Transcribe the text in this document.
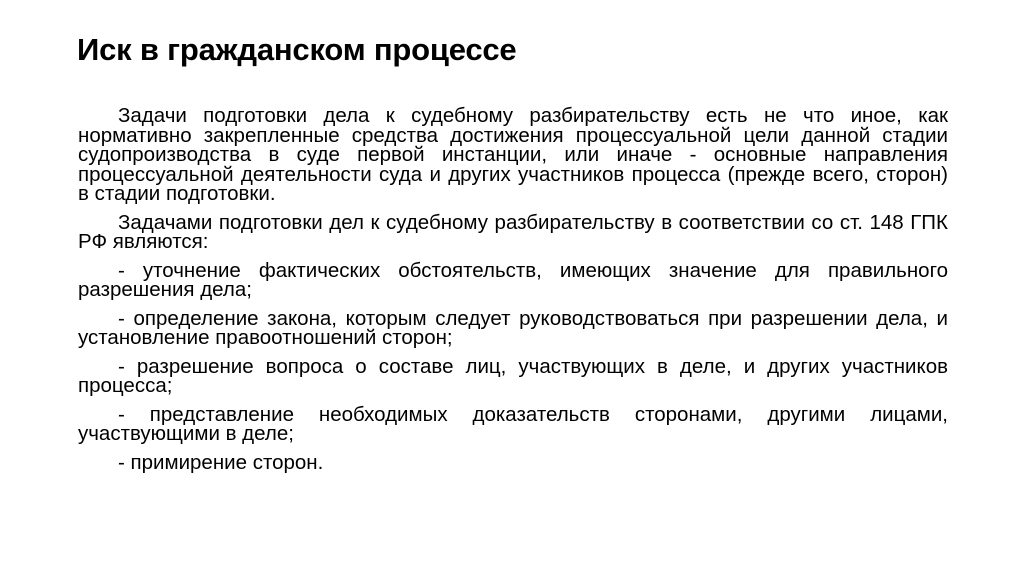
Иск в гражданском процессе

Задачи подготовки дела к судебному разбирательству есть не что иное, как нормативно закрепленные средства достижения процессуальной цели данной стадии судопроизводства в суде первой инстанции, или иначе - основные направления процессуальной деятельности суда и других участников процесса (прежде всего, сторон) в стадии подготовки.

Задачами подготовки дел к судебному разбирательству в соответствии со ст. 148 ГПК РФ являются:

- уточнение фактических обстоятельств, имеющих значение для правильного разрешения дела;

- определение закона, которым следует руководствоваться при разрешении дела, и установление правоотношений сторон;

- разрешение вопроса о составе лиц, участвующих в деле, и других участников процесса;

- представление необходимых доказательств сторонами, другими лицами, участвующими в деле;

- примирение сторон.
